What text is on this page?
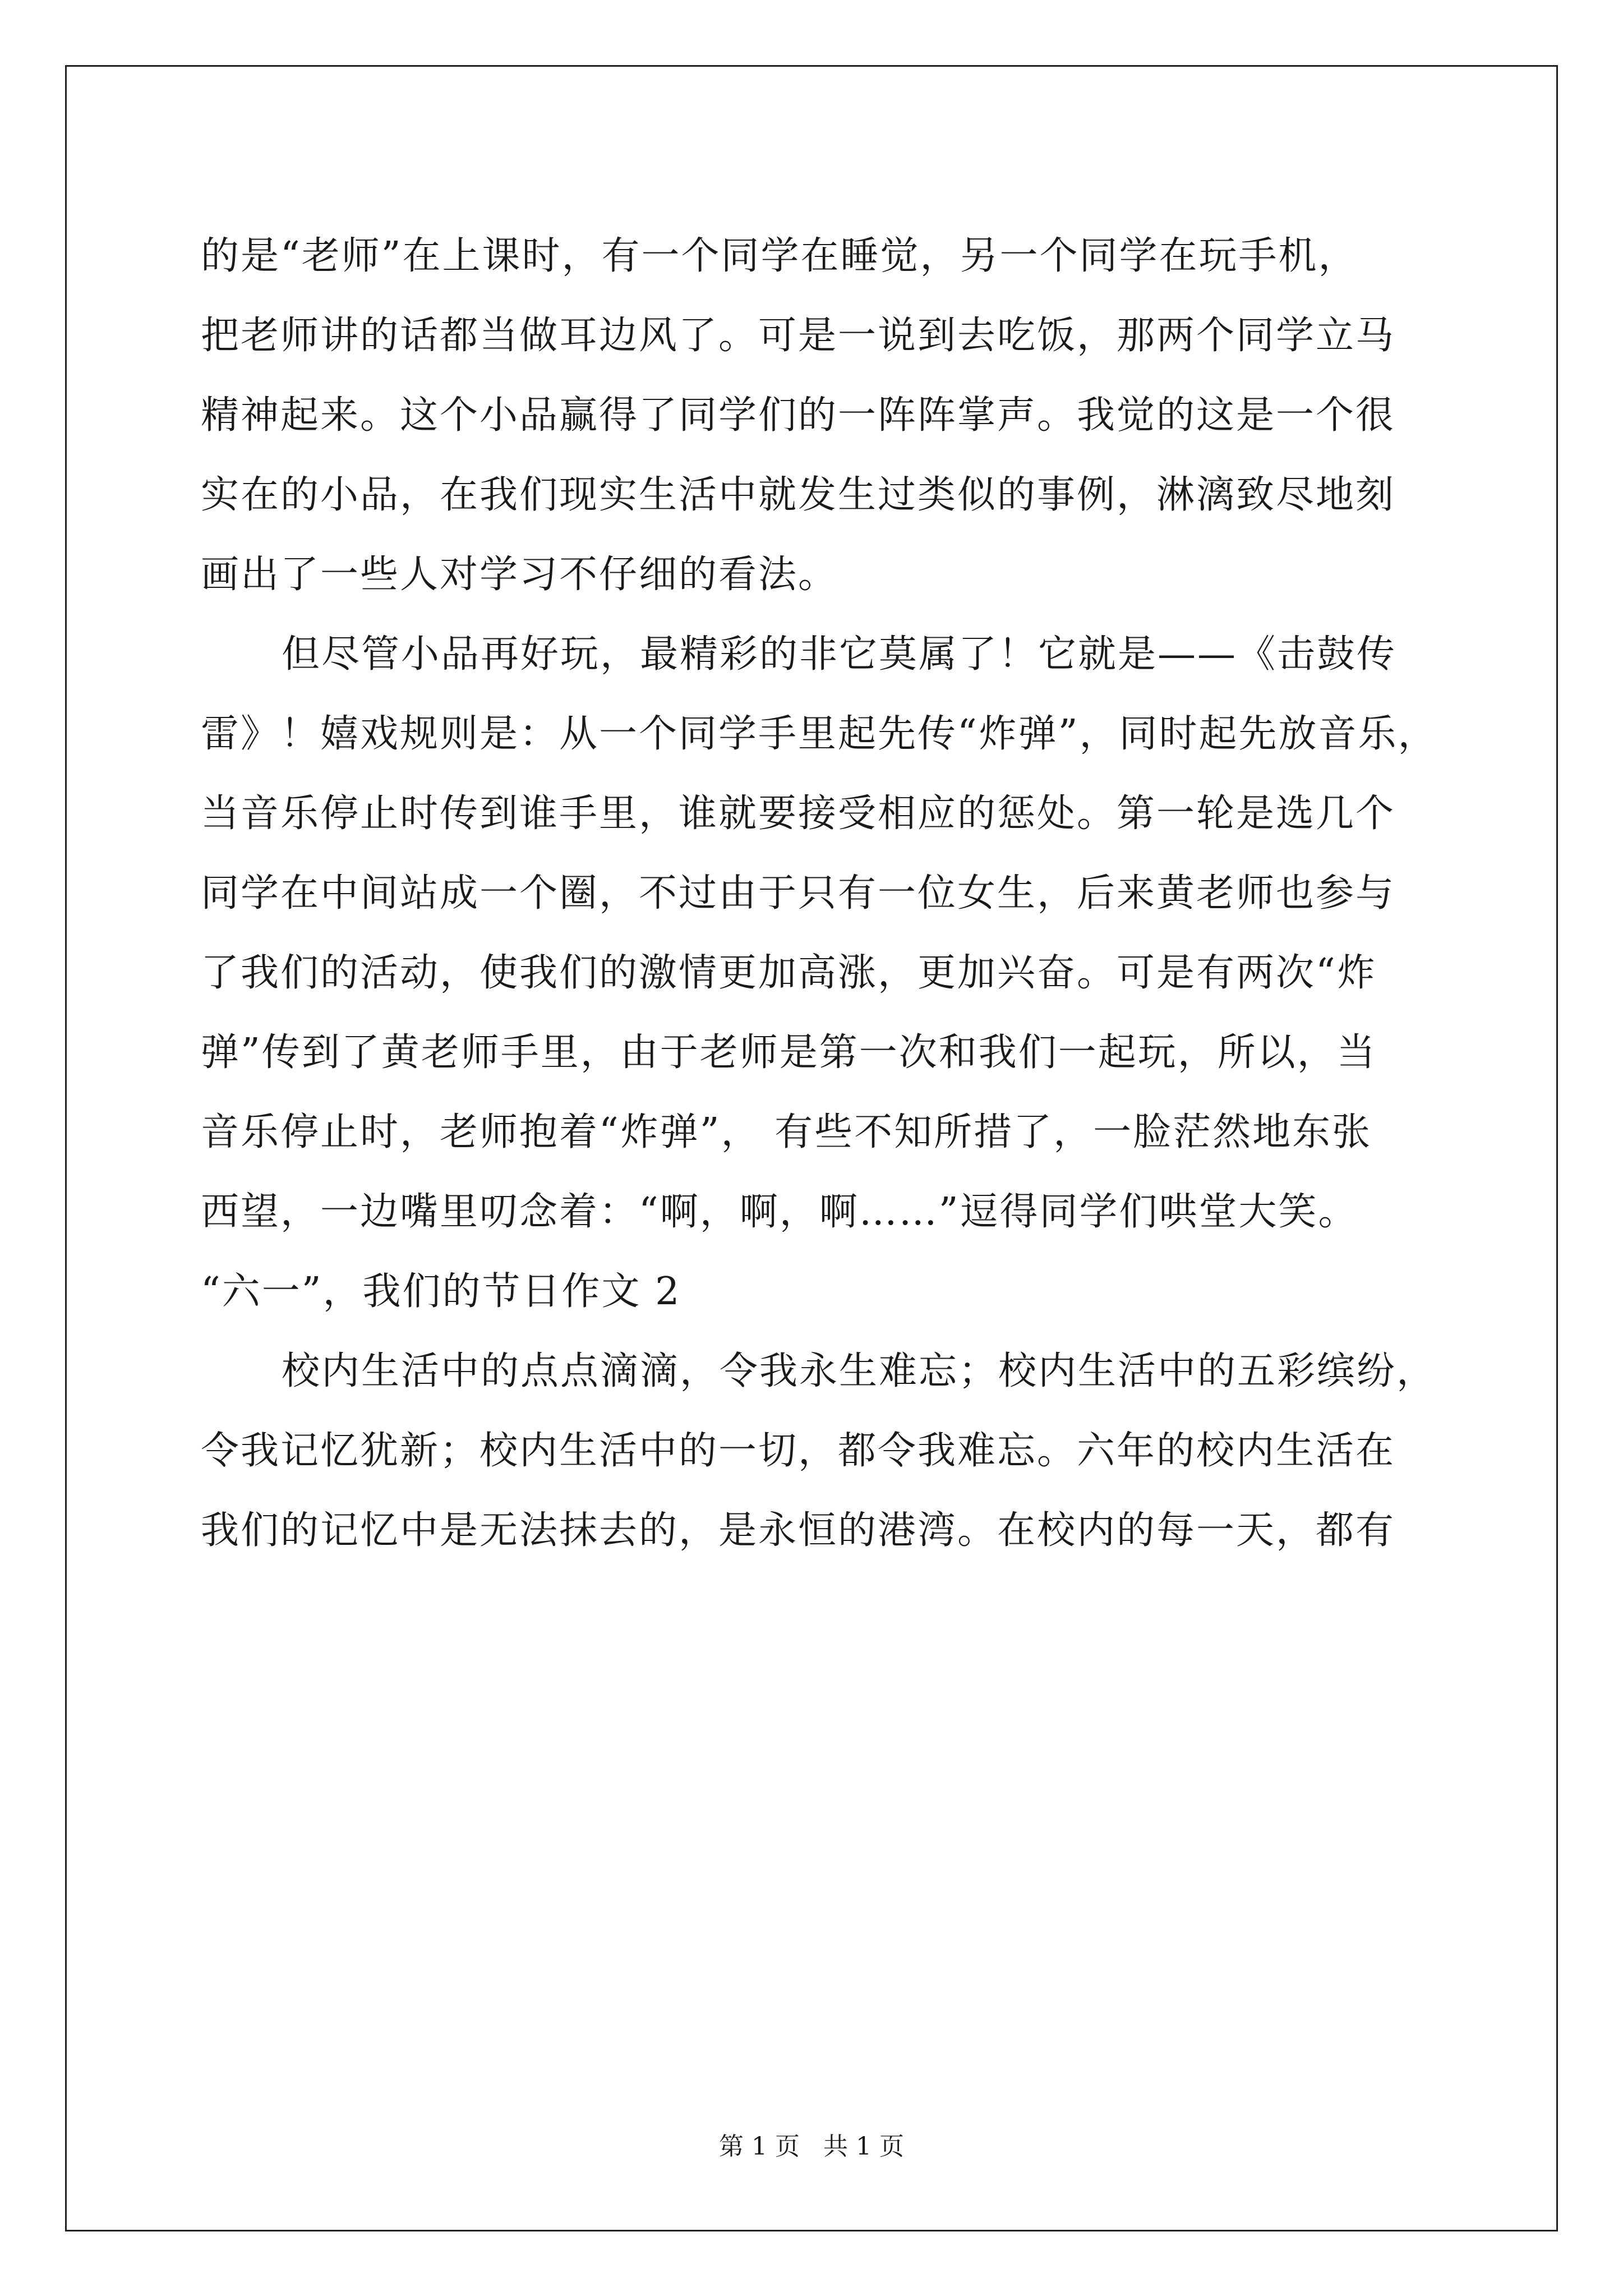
的是“老师”在上课时，有一个同学在睡觉，另一个同学在玩手机，
把老师讲的话都当做耳边风了。可是一说到去吃饭，那两个同学立马
精神起来。这个小品赢得了同学们的一阵阵掌声。我觉的这是一个很
实在的小品，在我们现实生活中就发生过类似的事例，淋漓致尽地刻
画出了一些人对学习不仔细的看法。
但尽管小品再好玩，最精彩的非它莫属了！它就是——《击鼓传
雷》！嬉戏规则是：从一个同学手里起先传“炸弹”，同时起先放音乐，
当音乐停止时传到谁手里，谁就要接受相应的惩处。第一轮是选几个
同学在中间站成一个圈，不过由于只有一位女生，后来黄老师也参与
了我们的活动，使我们的激情更加高涨，更加兴奋。可是有两次“炸
弹”传到了黄老师手里，由于老师是第一次和我们一起玩，所以，当
音乐停止时，老师抱着“炸弹”， 有些不知所措了，一脸茫然地东张
西望，一边嘴里叨念着：“啊，啊，啊……”逗得同学们哄堂大笑。
“六一”，我们的节日作文 2
校内生活中的点点滴滴，令我永生难忘；校内生活中的五彩缤纷，
令我记忆犹新；校内生活中的一切，都令我难忘。六年的校内生活在
我们的记忆中是无法抹去的，是永恒的港湾。在校内的每一天，都有
第 1 页 共 1 页
